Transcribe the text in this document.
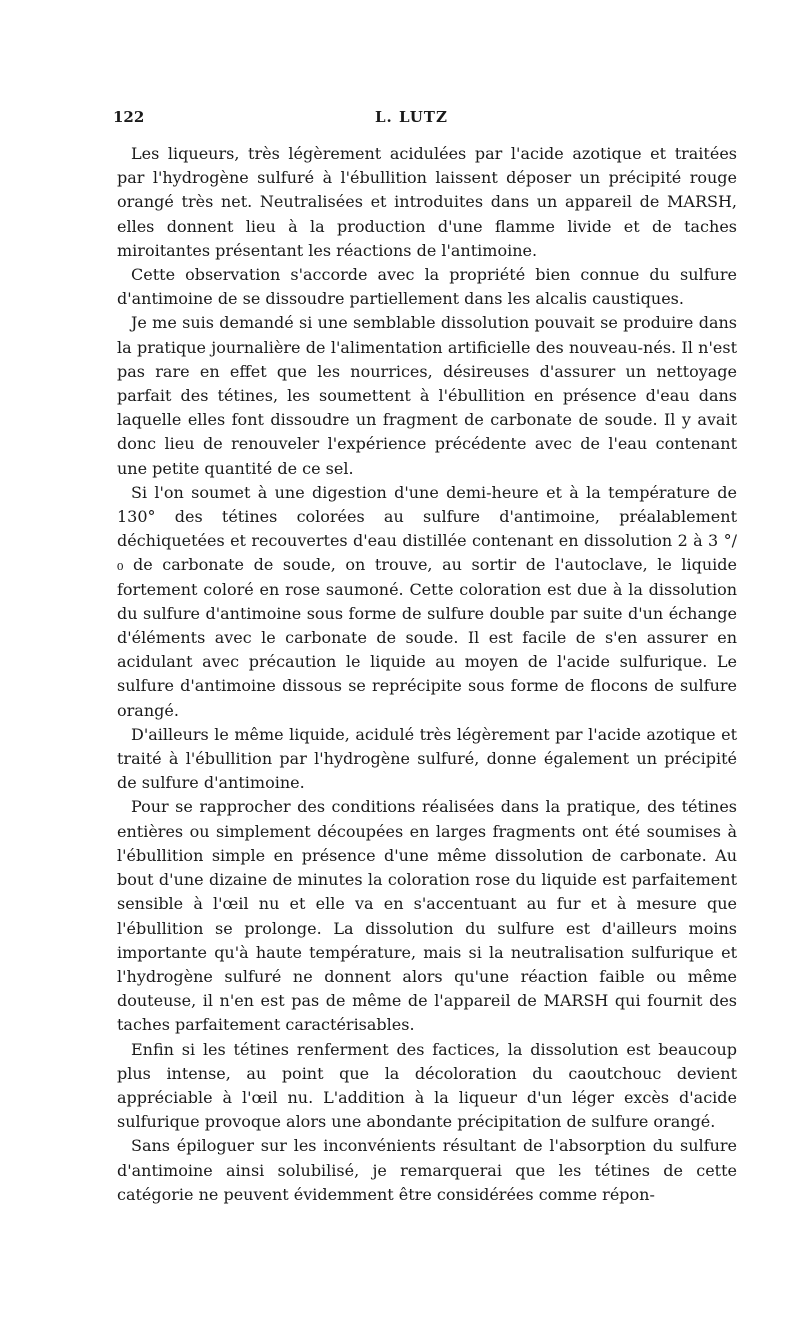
122	L. LUTZ

Les liqueurs, très légèrement acidulées par l'acide azotique et traitées par l'hydrogène sulfuré à l'ébullition laissent déposer un précipité rouge orangé très net. Neutralisées et introduites dans un appareil de MARSH, elles donnent lieu à la production d'une flamme livide et de taches miroitantes présentant les réactions de l'antimoine.

Cette observation s'accorde avec la propriété bien connue du sulfure d'antimoine de se dissoudre partiellement dans les alcalis caustiques.

Je me suis demandé si une semblable dissolution pouvait se produire dans la pratique journalière de l'alimentation artificielle des nouveau-nés. Il n'est pas rare en effet que les nourrices, désireuses d'assurer un nettoyage parfait des tétines, les soumettent à l'ébullition en présence d'eau dans laquelle elles font dissoudre un fragment de carbonate de soude. Il y avait donc lieu de renouveler l'expérience précédente avec de l'eau contenant une petite quantité de ce sel.

Si l'on soumet à une digestion d'une demi-heure et à la température de 130° des tétines colorées au sulfure d'antimoine, préalablement déchiquetées et recouvertes d'eau distillée contenant en dissolution 2 à 3 °/₀ de carbonate de soude, on trouve, au sortir de l'autoclave, le liquide fortement coloré en rose saumoné. Cette coloration est due à la dissolution du sulfure d'antimoine sous forme de sulfure double par suite d'un échange d'éléments avec le carbonate de soude. Il est facile de s'en assurer en acidulant avec précaution le liquide au moyen de l'acide sulfurique. Le sulfure d'antimoine dissous se reprécipite sous forme de flocons de sulfure orangé.

D'ailleurs le même liquide, acidulé très légèrement par l'acide azotique et traité à l'ébullition par l'hydrogène sulfuré, donne également un précipité de sulfure d'antimoine.

Pour se rapprocher des conditions réalisées dans la pratique, des tétines entières ou simplement découpées en larges fragments ont été soumises à l'ébullition simple en présence d'une même dissolution de carbonate. Au bout d'une dizaine de minutes la coloration rose du liquide est parfaitement sensible à l'œil nu et elle va en s'accentuant au fur et à mesure que l'ébullition se prolonge. La dissolution du sulfure est d'ailleurs moins importante qu'à haute température, mais si la neutralisation sulfurique et l'hydrogène sulfuré ne donnent alors qu'une réaction faible ou même douteuse, il n'en est pas de même de l'appareil de MARSH qui fournit des taches parfaitement caractérisables.

Enfin si les tétines renferment des factices, la dissolution est beaucoup plus intense, au point que la décoloration du caoutchouc devient appréciable à l'œil nu. L'addition à la liqueur d'un léger excès d'acide sulfurique provoque alors une abondante précipitation de sulfure orangé.

Sans épiloguer sur les inconvénients résultant de l'absorption du sulfure d'antimoine ainsi solubilisé, je remarquerai que les tétines de cette catégorie ne peuvent évidemment être considérées comme répon-
